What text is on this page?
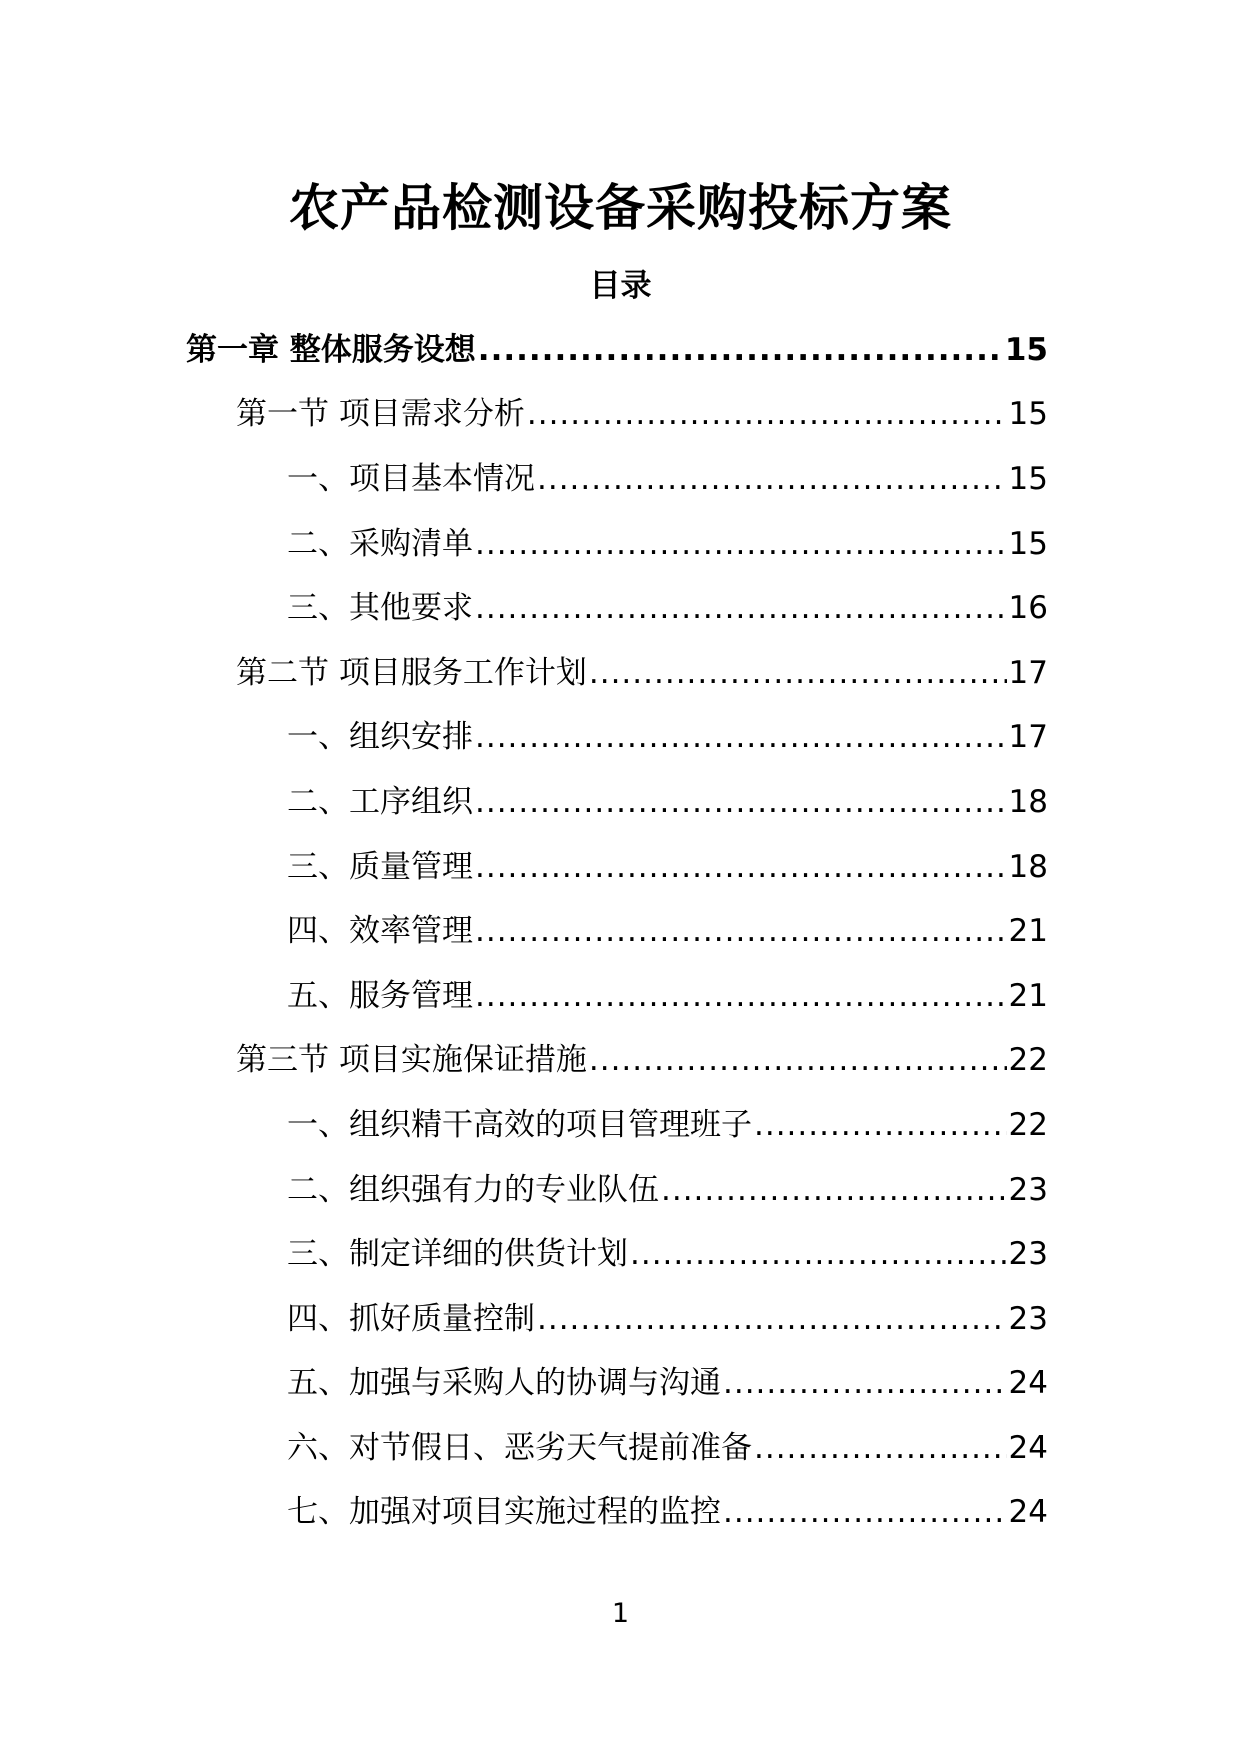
农产品检测设备采购投标方案
目录
第一章 整体服务设想 .....	15
第一节 项目需求分析 .....	15
一、项目基本情况 .....	15
二、采购清单 .....	15
三、其他要求 .....	16
第二节 项目服务工作计划 .....	17
一、组织安排 .....	17
二、工序组织 .....	18
三、质量管理 .....	18
四、效率管理 .....	21
五、服务管理 .....	21
第三节 项目实施保证措施 .....	22
一、组织精干高效的项目管理班子 .....	22
二、组织强有力的专业队伍 .....	23
三、制定详细的供货计划 .....	23
四、抓好质量控制 .....	23
五、加强与采购人的协调与沟通 .....	24
六、对节假日、恶劣天气提前准备 .....	24
七、加强对项目实施过程的监控 .....	24
1
